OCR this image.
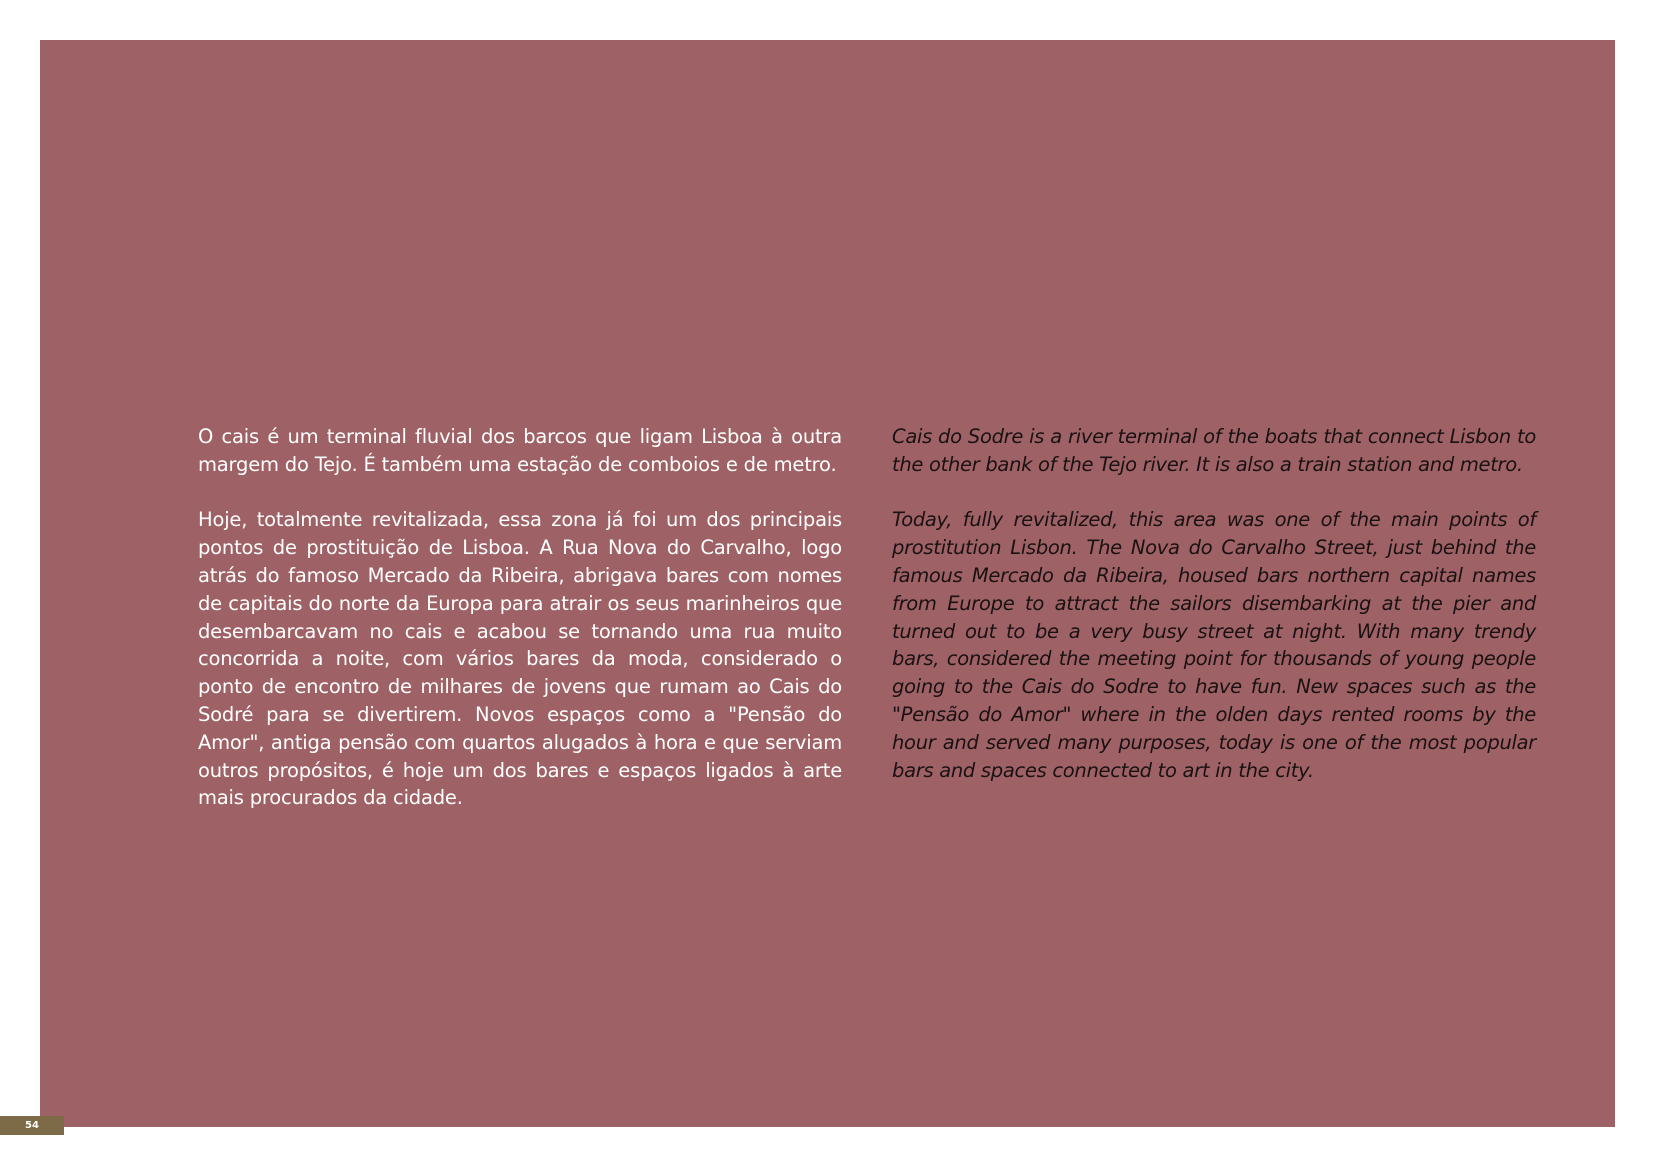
O cais é um terminal fluvial dos barcos que ligam Lisboa à outra margem do Tejo. É também uma estação de comboios e de metro.

Hoje, totalmente revitalizada, essa zona já foi um dos principais pontos de prostituição de Lisboa. A Rua Nova do Carvalho, logo atrás do famoso Mercado da Ribeira, abrigava bares com nomes de capitais do norte da Europa para atrair os seus marinheiros que desembarcavam no cais e acabou se tornando uma rua muito concorrida a noite, com vários bares da moda, considerado o ponto de encontro de milhares de jovens que rumam ao Cais do Sodré para se divertirem. Novos espaços como a "Pensão do Amor", antiga pensão com quartos alugados à hora e que serviam outros propósitos, é hoje um dos bares e espaços ligados à arte mais procurados da cidade.

Cais do Sodre is a river terminal of the boats that connect Lisbon to the other bank of the Tejo river. It is also a train station and metro.

Today, fully revitalized, this area was one of the main points of prostitution Lisbon. The Nova do Carvalho Street, just behind the famous Mercado da Ribeira, housed bars northern capital names from Europe to attract the sailors disembarking at the pier and turned out to be a very busy street at night. With many trendy bars, considered the meeting point for thousands of young people going to the Cais do Sodre to have fun. New spaces such as the "Pensão do Amor" where in the olden days rented rooms by the hour and served many purposes, today is one of the most popular bars and spaces connected to art in the city.

54
